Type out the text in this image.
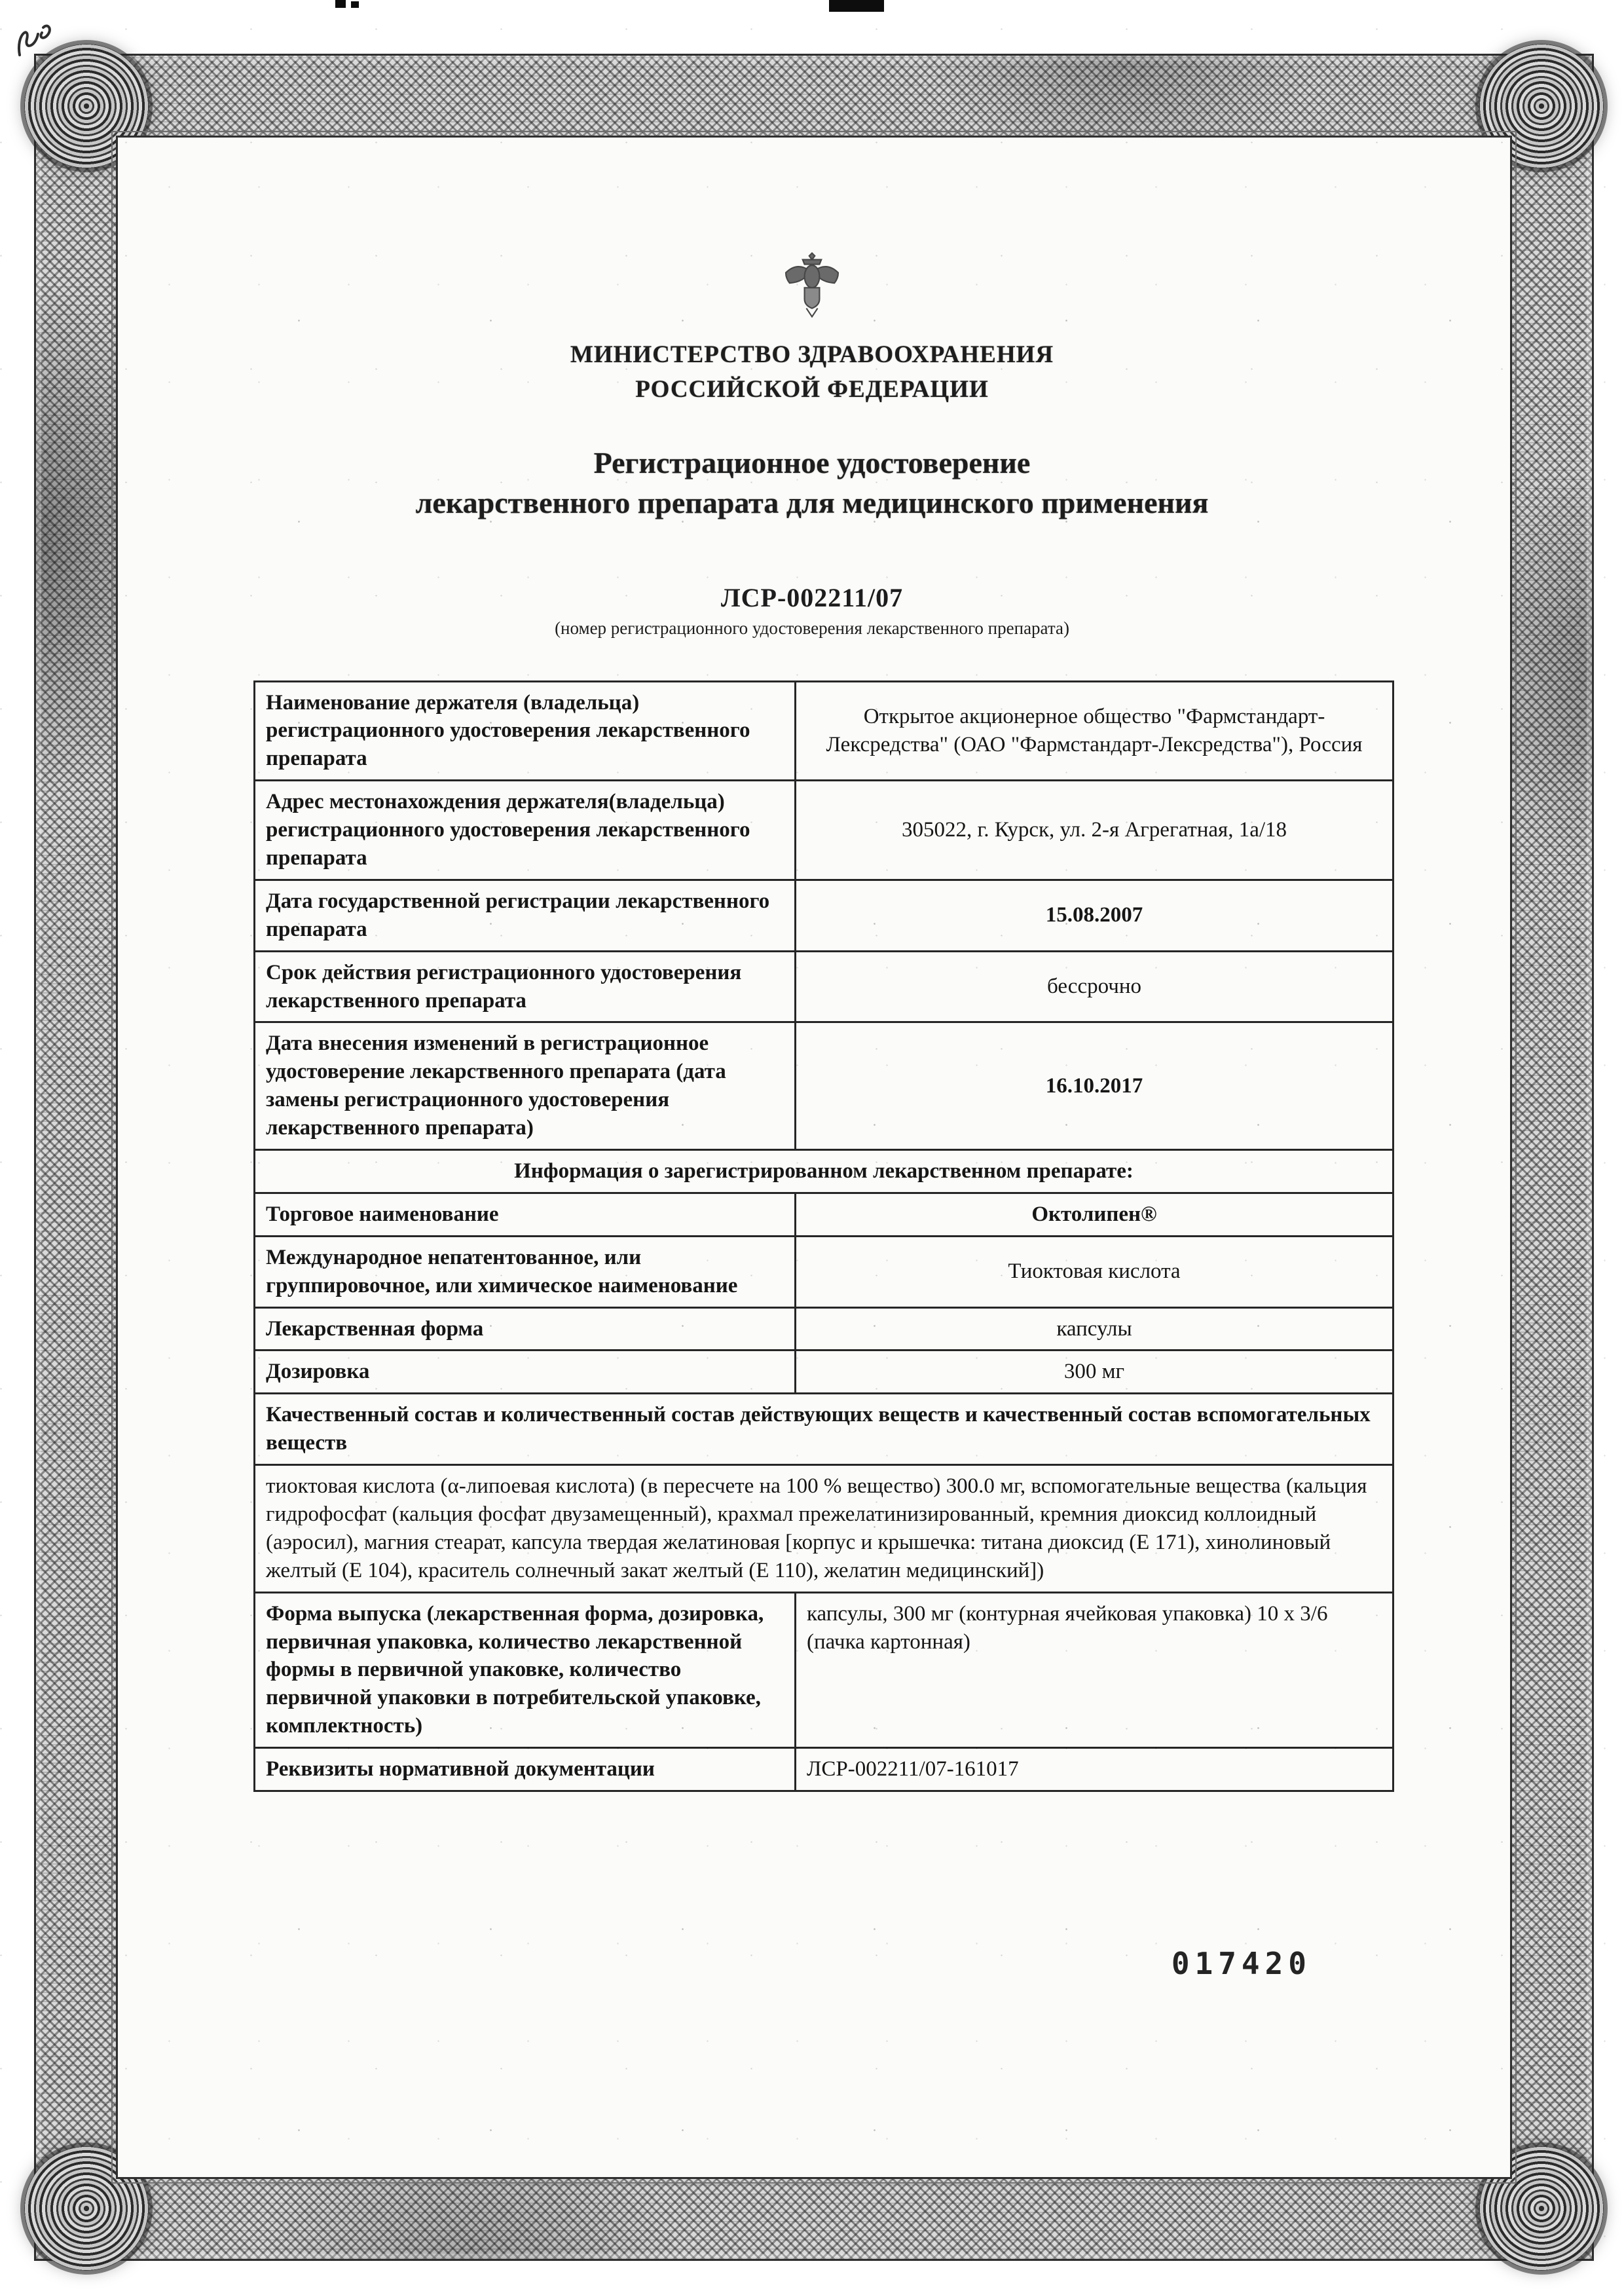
МИНИСТЕРСТВО ЗДРАВООХРАНЕНИЯ
РОССИЙСКОЙ ФЕДЕРАЦИИ
Регистрационное удостоверение
лекарственного препарата для медицинского применения
ЛСР-002211/07
(номер регистрационного удостоверения лекарственного препарата)
Наименование держателя (владельца) регистрационного удостоверения лекарственного препарата	Открытое акционерное общество "Фармстандарт-Лексредства" (ОАО "Фармстандарт-Лексредства"), Россия
Адрес местонахождения держателя(владельца) регистрационного удостоверения лекарственного препарата	305022, г. Курск, ул. 2-я Агрегатная, 1а/18
Дата государственной регистрации лекарственного препарата	15.08.2007
Срок действия регистрационного удостоверения лекарственного препарата	бессрочно
Дата внесения изменений в регистрационное удостоверение лекарственного препарата (дата замены регистрационного удостоверения лекарственного препарата)	16.10.2017
Информация о зарегистрированном лекарственном препарате:	
Торговое наименование	Октолипен®
Международное непатентованное, или группировочное, или химическое наименование	Тиоктовая кислота
Лекарственная форма	капсулы
Дозировка	300 мг
Качественный состав и количественный состав действующих веществ и качественный состав вспомогательных веществ	
тиоктовая кислота (α-липоевая кислота) (в пересчете на 100 % вещество) 300.0 мг, вспомогательные вещества (кальция гидрофосфат (кальция фосфат двузамещенный), крахмал прежелатинизированный, кремния диоксид коллоидный (аэросил), магния стеарат, капсула твердая желатиновая [корпус и крышечка: титана диоксид (Е 171), хинолиновый желтый (Е 104), краситель солнечный закат желтый (Е 110), желатин медицинский])	
Форма выпуска (лекарственная форма, дозировка, первичная упаковка, количество лекарственной формы в первичной упаковке, количество первичной упаковки в потребительской упаковке, комплектность)	капсулы, 300 мг (контурная ячейковая упаковка) 10 х 3/6 (пачка картонная)
Реквизиты нормативной документации	ЛСР-002211/07-161017
017420
